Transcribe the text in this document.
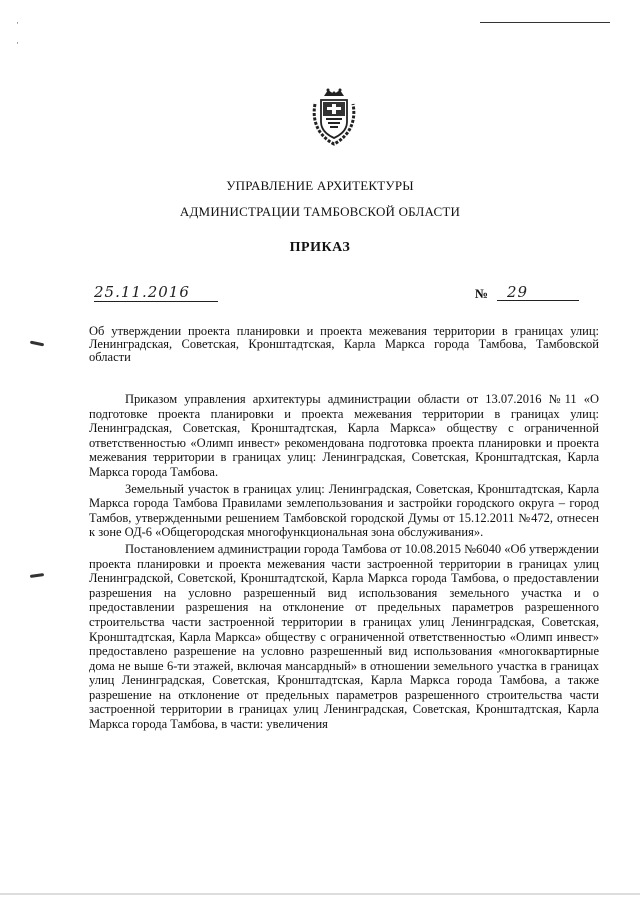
·
·
УПРАВЛЕНИЕ АРХИТЕКТУРЫ
АДМИНИСТРАЦИИ ТАМБОВСКОЙ ОБЛАСТИ
ПРИКАЗ
25.11.2016	№	29
Об утверждении проекта планировки и проекта межевания территории в границах улиц: Ленинградская, Советская, Кронштадтская, Карла Маркса города Тамбова, Тамбовской области

Приказом управления архитектуры администрации области от 13.07.2016 №11 «О подготовке проекта планировки и проекта межевания территории в границах улиц: Ленинградская, Советская, Кронштадтская, Карла Маркса» обществу с ограниченной ответственностью «Олимп инвест» рекомендована подготовка проекта планировки и проекта межевания территории в границах улиц: Ленинградская, Советская, Кронштадтская, Карла Маркса города Тамбова.

Земельный участок в границах улиц: Ленинградская, Советская, Кронштадтская, Карла Маркса города Тамбова Правилами землепользования и застройки городского округа – город Тамбов, утвержденными решением Тамбовской городской Думы от 15.12.2011 №472, отнесен к зоне ОД-6 «Общегородская многофункциональная зона обслуживания».

Постановлением администрации города Тамбова от 10.08.2015 №6040 «Об утверждении проекта планировки и проекта межевания части застроенной территории в границах улиц Ленинградской, Советской, Кронштадтской, Карла Маркса города Тамбова, о предоставлении разрешения на условно разрешенный вид использования земельного участка и о предоставлении разрешения на отклонение от предельных параметров разрешенного строительства части застроенной территории в границах улиц Ленинградская, Советская, Кронштадтская, Карла Маркса» обществу с ограниченной ответственностью «Олимп инвест» предоставлено разрешение на условно разрешенный вид использования «многоквартирные дома не выше 6-ти этажей, включая мансардный» в отношении земельного участка в границах улиц Ленинградская, Советская, Кронштадтская, Карла Маркса города Тамбова, а также разрешение на отклонение от предельных параметров разрешенного строительства части застроенной территории в границах улиц Ленинградская, Советская, Кронштадтская, Карла Маркса города Тамбова, в части: увеличения
